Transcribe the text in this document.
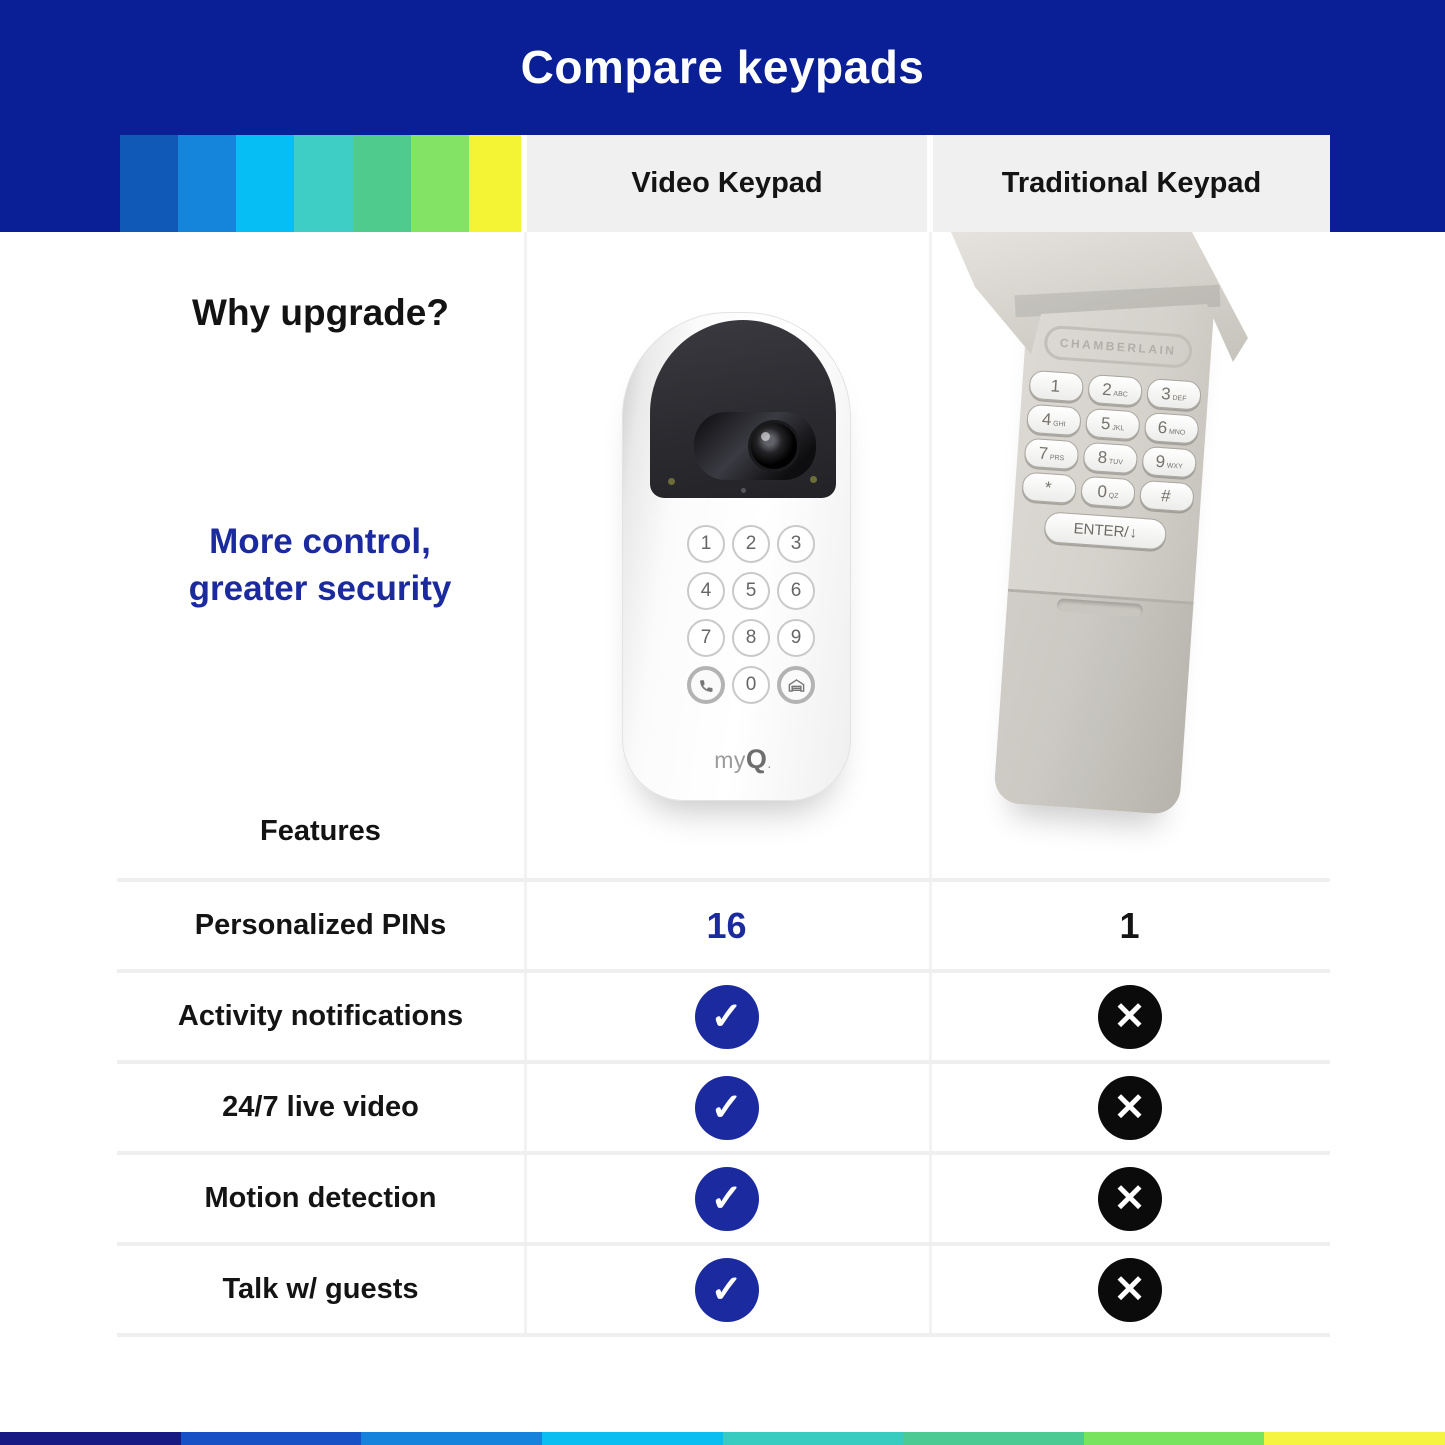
Compare keypads
Video Keypad	Traditional Keypad
Why upgrade?
More control,
greater security
Features
1	2	3
4	5	6
7	8	9
0
myQ.
CHAMBERLAIN
1 2 ABC 3 DEF
4 GHI 5 JKL 6 MNO
7 PRS 8 TUV 9 WXY
*	0 QZ #
ENTER/ ↓
Personalized PINs	16	1
Activity notifications	✓	✕
24/7 live video	✓	✕
Motion detection	✓	✕
Talk w/ guests	✓	✕
